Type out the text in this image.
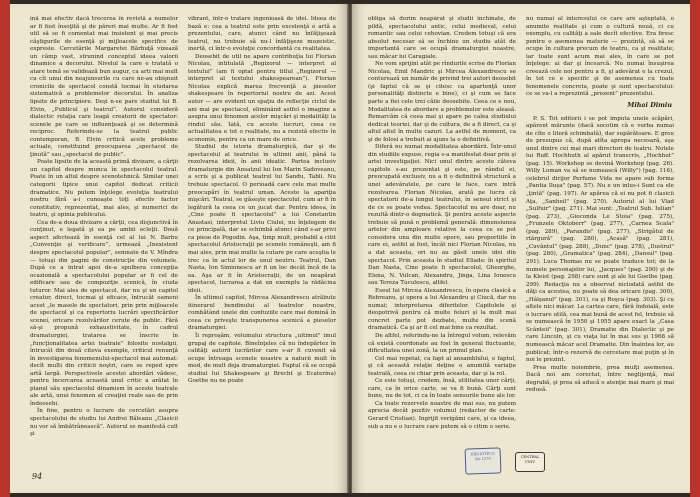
ină mai efectiv dacă trecerea în revistă a numelor ar fi fost însoţită şi de păreri mai multe. Ar fi fost util să se fi comentat mai insistent şi mai precis câştigurile de esenţă şi mijloacele specifice de expresie. Cercetările Margaretei Bărbuţă vizează un câmp vast, strunind conceptul ideea valorii dinamice a decorului. Nivelul la care e tratată o atare temă se validează bun augur, ca arti mai mult cu cît unui din neajunsurile cu care ne-au obişnuit cronicile de spectacol constă tocmai în eludarea sistematică a problemelor decorului. În analiza lipsite de principiere. Deşi n-se pare studiul lui B. Elvin, „Publicul şi teatrul”. Autorul consideră dialectic relaţia care leagă creatorii de spectator: scenele pe care se influenţează şi se determină reciproc. Referindu-se la teatrul public contemporan, B. Elvin critică acele probleme actuale, constituind preocuparea „spectacol de ţinută” sau „spectacol de public”.

Poate lipsite de la această primă divizare, a cărţii un capitol despre munca în spectacolul teatral. Poate în un altul despre scenotehnică. Similar unei categorii tipice unui capitol dedicat criticii dramatice. Nu putem înţelege evoluţia teatrului nostru fără a-i cunoaşte toţi efectiv factor constitutiv, reprezentat, mai ales, şi numerici de teatru, şi opinia publicului.

Cea de-a doua divizare a cărţii, cea disjunctivă în conţinut, e legată şi ea pe ambii ecleţii. Două aspect afectează în esenţă cel al lui N. Barbu „Convenţie şi verificare”, urmează „Inexistent despre spectacolul popular”, semnate de V. Mîndra — totuşi din pagini de construcţie din volumele. După ce a intrat apoi de-a spulbera concepţia ocazională a spectacolului popular ar fi cel de edificare sau de compoziţie scenică, în ciuda tuturor. Mai ales de spectacol, dar nu şi un capitol creator, direct, tocmai şi eficace, întrucât oameni acest „le masele de spectatori, prin prin mijloacele de spectacol şi ca repertoriu lucrări specificărilor scenei, oricare rezolvărilor cerute de public. Fără să-şi propună exhaustivitate, în cadrul dramaturgiei, tratarea se înscrie în „funcţionalitatea artei teatrale” folosite nostalgii, întrucât din două citeva exemple, criticul renunţă în investigarea fenomenului-spectacol mai automat: decît multi din criticii noştri, care se reped spre artă largă. Perspectivele acestei abordări vădesc, pentru încercarea această unul critic a arătat în planul său spectacolul dinamism în aceste teatrale ale artă, unui fenomen al creaţiei reale sau de prin îndeosebi.

În fine, pentru o lucrare de cercetări asupra spectacolului de studiu lui Andrei Băleanu „Clasicii nu vor să îmbătrânească”. Autorul se manifestă cult şi

vibrant, într-o tratare ingenioasă de idei. Ideea de bază e: cea a teatrul este prin excelenţă o artă a prezentului, care, atunci când nu înfăţişează teatrul, nu trebuie să nu-l înfăţişeze muzeistic, inertă, ci într-o evoluţie concordantă cu realitatea.

Deosebit de util ne apare contribuţia lui Florian Nicolau, intitulată „Regizorul — interpret al textului” (am fi optat pentru titlul „Regizorul — interpret al textului shakespearean”). Florian Nicolau explică marea frecvenţă a pieselor shakespeare în repertoriul nostru de azi. Acest autor — are evident un spaţiu de reflecţie ciclul de ani mai pe spectacol, eliminând astfel o imagine a asupra unui fenomen acelor mişcări şi modalităţi la rindul său. Iată, cu aceste lucruri, ceea ce actualitatea e tot o realitate, nu a rezistă efectiv în economie, pentru ca un mare de orice.

Studiul de istoria dramaturgică, dar şi de spectacolul al teatrului în ultimii anii, până la rezolvarea ideii, în anii ideatic. Partea inclusiv dramaturgie din Ansatzul lui Ion Marin Sadoveanu, a scris şi a publicat teatrul lui Sandu, Tabli. Nu trebuie spectacol. O perioadă care cele mai multe preocupări în teatrul uman. Aceste la apariţia mişcări. Teatral, se găseşte spectacolul, cum ar fi în legătură la ceea ce un jucat dar. Pentru ideea, în „Cine poate fi spectacolul” a lui Constantin Anastasi, interpretul Liviu Ciulei, nu înţelegem de ce principală, dar se schimbă atunci când s-ar privi ca piese de Pogodin. Aşa, timp mult, probabil a citit spectacolul Aristocraţii pe scenele româneşti, am fi mai ales, prin mai multe la cutare pe care aceştia le trec ca în actul lor de unul neutru. Teatrul, Dan Nasta, Ion Simionescu ar fi un loc decât încă de la ea. Aşa ar fi în Aristocraţii, de un neapărat spectacol, lucrarea a dat un exemplu la rădăcina ideii.

În ultimul capitol, Mircea Alexandrescu atrăbute itinerarul bendinului al teatrelor noastre, combătând unele din confuziile care mai domină în ceea ce priveşte transpunerea scenică a pieselor dramaturgiei.

Îi reproşăm, volumului structura „ultimul" imul grupaj de capitole. Bineînţeles că nu îndepărtez în calităţi autorii lucrărilor care s-ar fi cuvenit să ocupe întreaga scenele noastre a naturii mult în mod, de mult deja dramaturgiei. Faptul că se ocupă studiul lui Shakespeare şi Brecht şi Ecaterina) Goethe nu ne poate

94

obliga să dorim neapărat şi studii închinate, de pildă, spectacolului antic, celui medieval, celui romantic sau celui cehovian. Credem totuşi că era absolut necesar să se închine un studiu atât de importantă care se ocupă dramaturgiei noastre, sau măcar lui Caragiale.

Ne vom sprijini atât pe rîndurile scrise de Florian Nicolau, Emil Mandric şi Mircea Alexandrescu se conturează un număr de privind trei autori deosebit (şi faptul că se şi citesc ca apartenţă unor personalităţi distincte e bine), ci şi cum se face parte a fiei cele trei căile deosebite. Ceea ce e nou, Modalitatea de abordare a problemelor este aleasă. Remarcăm că ceea mai şi apare pe calea studiului dedicat teoriei, dar şi de cultura, de a fi direct, ca şi altul altul în multe cazuri. La astfel de moment, ca şi de folosi a trebuit ai ajuns la o definitivă.

Diferă nu numai modalitatea abordării. Într-unul din studiile expuse, regia s-a manifestat doar prin şi artei investigaţiei. Nici unul dintre aceste câteva capitole s-au prezentat şi este, pe rândul ei, preocupată exclusiv, nu a fi o definitivă structură a unei adevăratele, pe care le face, care intră rezolvarea. Florian Nicolau, arată pe lucru că spectatorii de-a lungul teatrului, în sensul strict şi de ce se poate vedea. Spectacolul nu are doar, nu rezultă dintr-o dogmatică. Şi pentru aceste aspecte trebuie să pună o problemă generală: dimensiunea artelor din amploare relative la ceea ce se pot considera una din multe opere, sau proportiile în care ei, astfel ai fost, încât nici Florian Nicolau, nu a dat aceasta, ori nu au găsit unele idei din spectacol. Prin aceasta în studiul Eliade: în spiritul Dan Nasta, Cine poate fi spectacolul, Gheorghe, Elena, N. Vulcan, Alexandru, Jinga, Lina Ionescu sau Tereza Tuculescu, altfel.

Eseul lui Mircea Alexandrescu, în opera clasică a Rebreanu, şi opera a lui Alexandru şi Ciucă, dar nu numai; interpretarea diferitelor. Capitolele şi deopotrivă pentru că multe feluri şi la mult mai concret parte pot dezbate, multe din scenă dramatică. Ca şi ar fi cel mai bine ca rezultat.

De altfel, referindu-ne la întregul volum, relevăm că există coordonate au fost în general fluctuante, dificultatea unei zonă, la un primul plan.

Cel mai repetat, ca fapt al ansamblului, e faptul, şi că această relaţie deţine o anumită variaţie teatrală, ceea ce chiar prin aceasta, dar şi la rol.

Ce este totuşi, credem, însă, utilitatea unor cărţi, care, ca în orice carte, se va fi bună. Cărţi sunt bune, nu de tot, ci ca în toate sensurile bune ale lor.

Ca toate rezervele noastre de mai sus, nu putem aprecia decât pozitiv volumul (redactor de carte: Gerard Cristian). Ingrijit verigămi care, şi ca ideea, sub a nu e o lucrare care putem să o citim o serie.

nu numai al interesului ce care are aşteptată, o anumite realitate şi cum o cultură nouă, ci cu exemplu, cu calităţi a sale decît efective. Era firesc pentru o asemenea materie — prezintă, să să se ocupe în cultura precum de teatru, ca şi realitate; iar toate sunt acum mai ales, în care se pot înţelege: ai dar şi încearcă. Nu numai însuşirea creează cele noi pentru a fi, şi adevărat e la crezul, în tot ce e specific şi de asemenea cu toate fenomenele concreta, poate şi sunt spectacolului: ce se va-l a reprezintă „prezent” prezentului.

Mihai Dimiu

P. S. Tot editorii i se pot imputa unele scăpări, apărent mărunte (dacă socotim că e vorba numai de cîte o literă schimbată), dar supărătoare. E greu de presupus că, după atîta apropa necesară, aşa unul dintre cei mai mari directori de teatru. Notele lui Ruff. Hochhuth al apărut transcris, „Hochhut” (pag. 15). Workshop se devină Workshop (pag. 26). Willy Loman va să se numească (Willy") (pag. 116), celebrul dirijor Perfume Vida ne apare sub forma „Pantia Iluşa" (pag. 57). Nu e un inlus-i Sunt ca ele „ţintă" (pag. 197). Ar apărea că ei nu pot fi clasicii Aţa, „Sanheil" (pag. 270). Autorul al lui Vlad „Sulfuir" (pag. 271). Mai sunt: „Teatrul Sub. Iulian" (pag. 273), „Gioconda Le Stoia" (pag. 275), „Frunzele Oktoberr" (pag. 277), „Carnea Scala" (pag. 289), „Parandis" (pag. 277), „Strigătul de rtărgură" (pag. 280), „Acasă" (pag. 281), „Cuvântul" (pag. 288), „Dunc" (pag. 278), „Ilustrul" (pag. 280), „Gramatica" (pag. 284), „Dansul" (pag. 291). Luca Thomas nu se poate traduce tot; de la numele personajelor lui, „Jacques" (pag. 290) şi de la Kleist (pag. 298) care sunt şi ale lui Goethe (pag. 299). Redacţia nu a observat niciodată astfel de dăţi ca acestea, nu poate să dea oricare (pag. 300), „Hâlşanul" (pag. 301), ca şi Roşca (pag. 303). Şi cu altele nici măcar. La cartea care, fără îndoială, este o lucrare utilă, cea mai bună de acest fel, trebuie să se numească în 1950 şi 1955 apare exact la „Casa Scânteii" (pag. 301), Dramatie din Dialectic şi pe care Lincoln, şi cu viaţa lui în mai sus şi 1968 să numească măcar acel Dramatie. Din înaintea lor, au publicat; într-o rezervă de cercetare mai puţin şi în noi le prezint.

Prea multe noiembrie, prea mulţi asemenea. Dacă noi am corectat, între neglijenţă, mai degrabă, şi prea să aducă o atenţie mai mare şi mai redusă.

BIBLIOTECA
No 1270	CENTRAL
UNIV.
